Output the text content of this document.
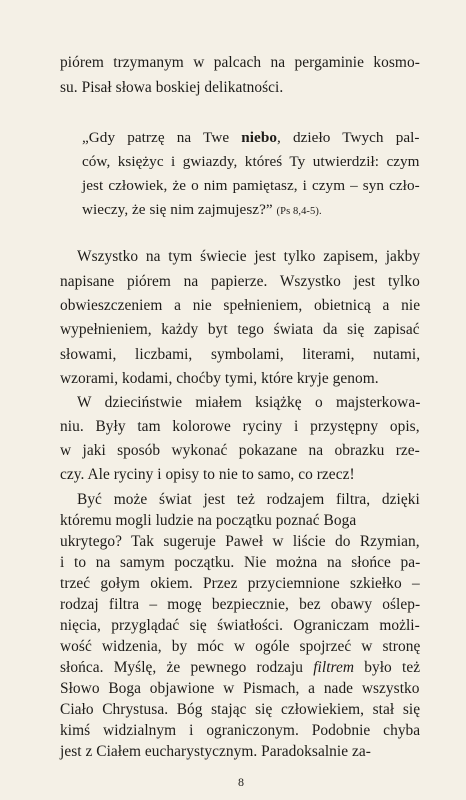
piórem trzymanym w palcach na pergaminie kosmo-
su. Pisał słowa boskiej delikatności.
„Gdy patrzę na Twe niebo, dzieło Twych pal-
ców, księżyc i gwiazdy, któreś Ty utwierdził: czym
jest człowiek, że o nim pamiętasz, i czym – syn czło-
wieczy, że się nim zajmujesz?” (Ps 8,4-5).
Wszystko na tym świecie jest tylko zapisem, jakby
napisane piórem na papierze. Wszystko jest tylko
obwieszczeniem a nie spełnieniem, obietnicą a nie
wypełnieniem, każdy byt tego świata da się zapisać
słowami, liczbami, symbolami, literami, nutami,
wzorami, kodami, choćby tymi, które kryje genom.
W dzieciństwie miałem książkę o majsterkowa-
niu. Były tam kolorowe ryciny i przystępny opis,
w jaki sposób wykonać pokazane na obrazku rze-
czy. Ale ryciny i opisy to nie to samo, co rzecz!
Być może świat jest też rodzajem filtra, dzięki
któremu mogli ludzie na początku poznać Boga
ukrytego? Tak sugeruje Paweł w liście do Rzymian,
i to na samym początku. Nie można na słońce pa-
trzeć gołym okiem. Przez przyciemnione szkiełko –
rodzaj filtra – mogę bezpiecznie, bez obawy oślep-
nięcia, przyglądać się światłości. Ograniczam możli-
wość widzenia, by móc w ogóle spojrzeć w stronę
słońca. Myślę, że pewnego rodzaju filtrem było też
Słowo Boga objawione w Pismach, a nade wszystko
Ciało Chrystusa. Bóg stając się człowiekiem, stał się
kimś widzialnym i ograniczonym. Podobnie chyba
jest z Ciałem eucharystycznym. Paradoksalnie za-
8
